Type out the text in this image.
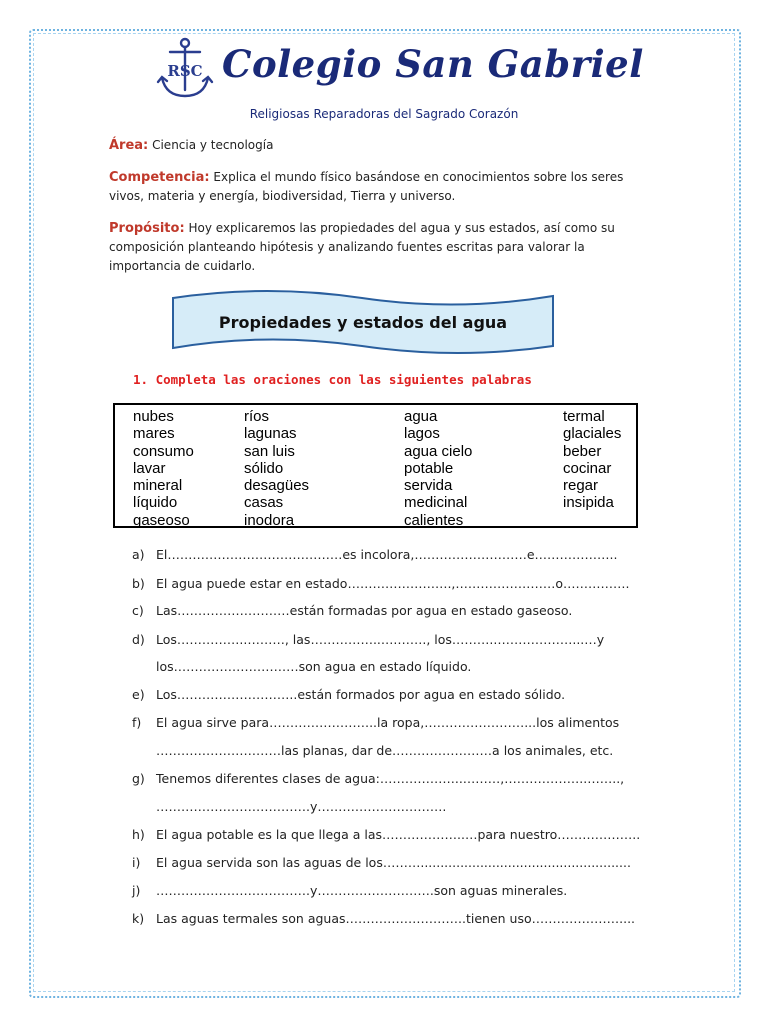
RSC Colegio San Gabriel
Religiosas Reparadoras del Sagrado Corazón
Área: Ciencia y tecnología
Competencia: Explica el mundo físico basándose en conocimientos sobre los seres vivos, materia y energía, biodiversidad, Tierra y universo.
Propósito: Hoy explicaremos las propiedades del agua y sus estados, así como su composición planteando hipótesis y analizando fuentes escritas para valorar la importancia de cuidarlo.
Propiedades y estados del agua
1. Completa las oraciones con las siguientes palabras
nubes
mares
consumo
lavar
mineral
líquido
gaseoso
ríos
lagunas
san luis
sólido
desagües
casas
inodora
agua
lagos
agua cielo
potable
servida
medicinal
calientes
termal
glaciales
beber
cocinar
regar
insipida
a) El……………………………………es incolora,………………………e………………..
b) El agua puede estar en estado…………………….,……………………o…………….
c) Las………………………están formadas por agua en estado gaseoso.
d) Los……………..………, las……………..….……., los………..………………...…y
los…………………………son agua en estado líquido.
e) Los………………………..están formados por agua en estado sólido.
f) El agua sirve para……………………..la ropa,……………………...los alimentos
…………………………las planas, dar de……………………a los animales, etc.
g) Tenemos diferentes clases de agua:………………..………,………………..……..,
……………………………….y………………………….
h) El agua potable es la que llega a las………………..…para nuestro………………..
i) El agua servida son las aguas de los……….....................................................
j) ……………………………….y……………………….son aguas minerales.
k) Las aguas termales son aguas………………………..tienen uso…………………....
